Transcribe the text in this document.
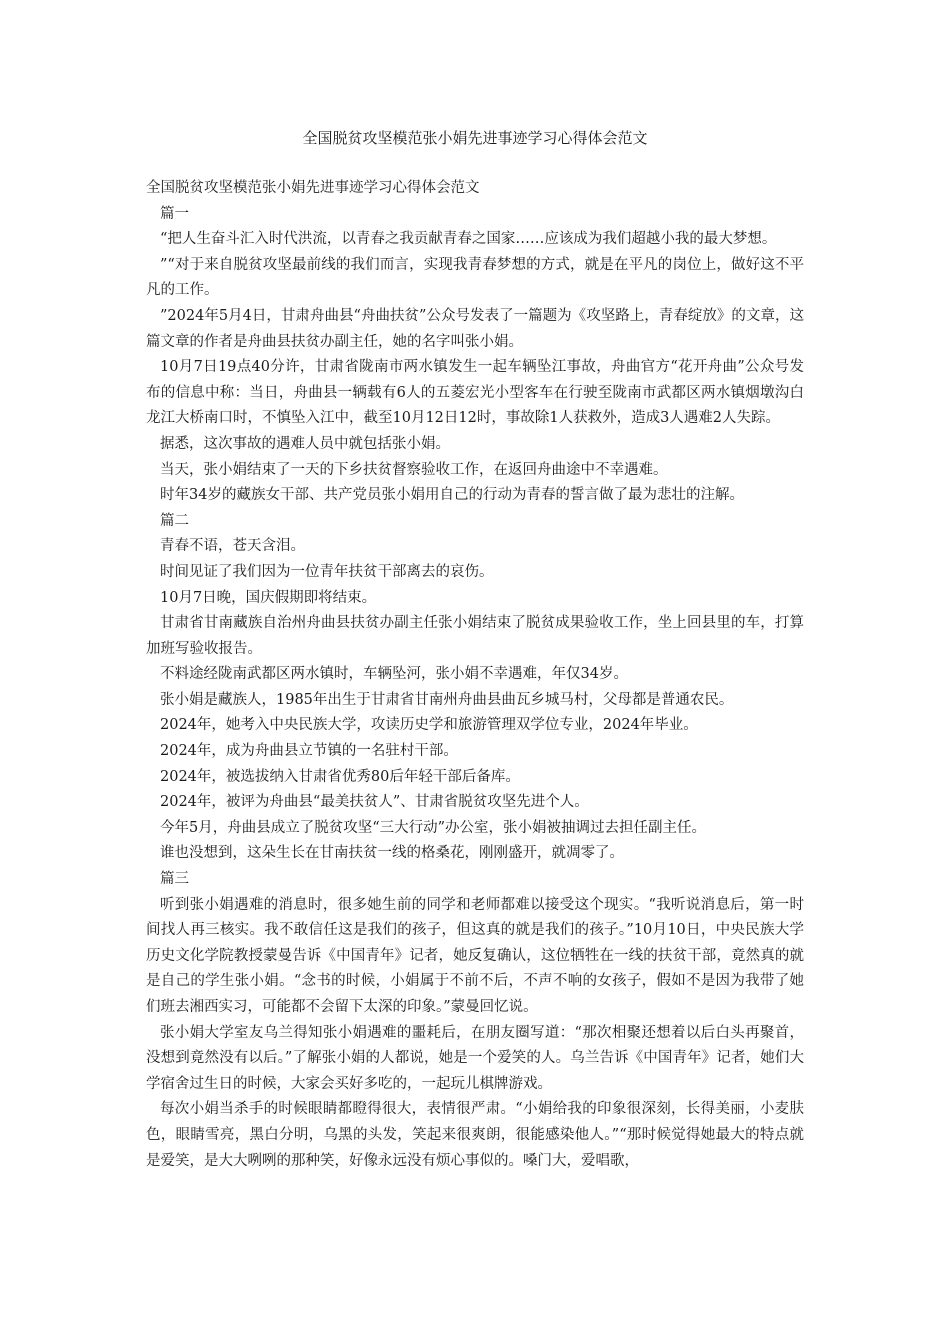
全国脱贫攻坚模范张小娟先进事迹学习心得体会范文

全国脱贫攻坚模范张小娟先进事迹学习心得体会范文

篇一

“把人生奋斗汇入时代洪流，以青春之我贡献青春之国家……应该成为我们超越小我的最大梦想。

”“对于来自脱贫攻坚最前线的我们而言，实现我青春梦想的方式，就是在平凡的岗位上，做好这不平凡的工作。

”2024年5月4日，甘肃舟曲县“舟曲扶贫”公众号发表了一篇题为《攻坚路上，青春绽放》的文章，这篇文章的作者是舟曲县扶贫办副主任，她的名字叫张小娟。

10月7日19点40分许，甘肃省陇南市两水镇发生一起车辆坠江事故，舟曲官方“花开舟曲”公众号发布的信息中称：当日，舟曲县一辆载有6人的五菱宏光小型客车在行驶至陇南市武都区两水镇烟墩沟白龙江大桥南口时，不慎坠入江中，截至10月12日12时，事故除1人获救外，造成3人遇难2人失踪。

据悉，这次事故的遇难人员中就包括张小娟。

当天，张小娟结束了一天的下乡扶贫督察验收工作，在返回舟曲途中不幸遇难。

时年34岁的藏族女干部、共产党员张小娟用自己的行动为青春的誓言做了最为悲壮的注解。

篇二

青春不语，苍天含泪。

时间见证了我们因为一位青年扶贫干部离去的哀伤。

10月7日晚，国庆假期即将结束。

甘肃省甘南藏族自治州舟曲县扶贫办副主任张小娟结束了脱贫成果验收工作，坐上回县里的车，打算加班写验收报告。

不料途经陇南武都区两水镇时，车辆坠河，张小娟不幸遇难，年仅34岁。

张小娟是藏族人，1985年出生于甘肃省甘南州舟曲县曲瓦乡城马村，父母都是普通农民。

2024年，她考入中央民族大学，攻读历史学和旅游管理双学位专业，2024年毕业。

2024年，成为舟曲县立节镇的一名驻村干部。

2024年，被选拔纳入甘肃省优秀80后年轻干部后备库。

2024年，被评为舟曲县“最美扶贫人”、甘肃省脱贫攻坚先进个人。

今年5月，舟曲县成立了脱贫攻坚“三大行动”办公室，张小娟被抽调过去担任副主任。

谁也没想到，这朵生长在甘南扶贫一线的格桑花，刚刚盛开，就凋零了。

篇三

听到张小娟遇难的消息时，很多她生前的同学和老师都难以接受这个现实。“我听说消息后，第一时间找人再三核实。我不敢信任这是我们的孩子，但这真的就是我们的孩子。”10月10日，中央民族大学历史文化学院教授蒙曼告诉《中国青年》记者，她反复确认，这位牺牲在一线的扶贫干部，竟然真的就是自己的学生张小娟。“念书的时候，小娟属于不前不后，不声不响的女孩子，假如不是因为我带了她们班去湘西实习，可能都不会留下太深的印象。”蒙曼回忆说。

张小娟大学室友乌兰得知张小娟遇难的噩耗后，在朋友圈写道：“那次相聚还想着以后白头再聚首，没想到竟然没有以后。”了解张小娟的人都说，她是一个爱笑的人。乌兰告诉《中国青年》记者，她们大学宿舍过生日的时候，大家会买好多吃的，一起玩儿棋牌游戏。

每次小娟当杀手的时候眼睛都瞪得很大，表情很严肃。“小娟给我的印象很深刻，长得美丽，小麦肤色，眼睛雪亮，黑白分明，乌黑的头发，笑起来很爽朗，很能感染他人。”“那时候觉得她最大的特点就是爱笑，是大大咧咧的那种笑，好像永远没有烦心事似的。嗓门大，爱唱歌，
